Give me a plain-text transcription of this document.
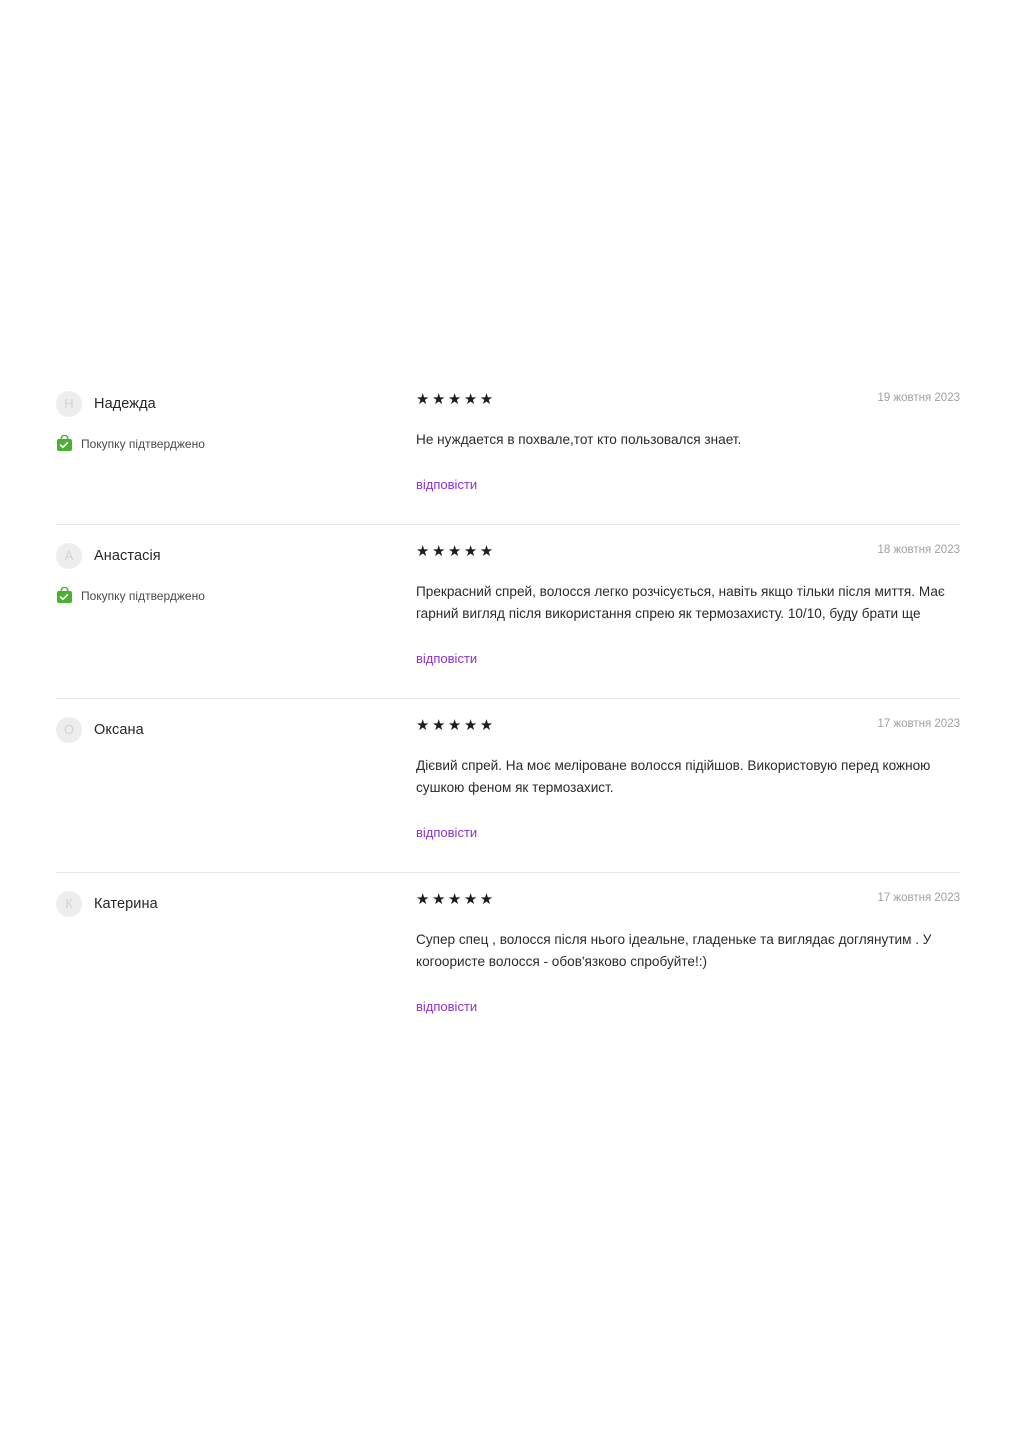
Н	Надежда
Покупку підтверджено
★★★★★	19 жовтня 2023
Не нуждается в похвале,тот кто пользовался знает.
відповісти
А	Анастасія
Покупку підтверджено
★★★★★	18 жовтня 2023
Прекрасний спрей, волосся легко розчісується, навіть якщо тільки після миття. Має гарний вигляд після використання спрею як термозахисту. 10/10, буду брати ще
відповісти
О	Оксана	★★★★★	17 жовтня 2023
Дієвий спрей. На моє меліроване волосся підійшов. Використовую перед кожною сушкою феном як термозахист.
відповісти
К	Катерина	★★★★★	17 жовтня 2023
Супер спец , волосся після нього ідеальне, гладеньке та виглядає доглянутим . У когоористе волосся - обов'язково спробуйте!:)
відповісти
